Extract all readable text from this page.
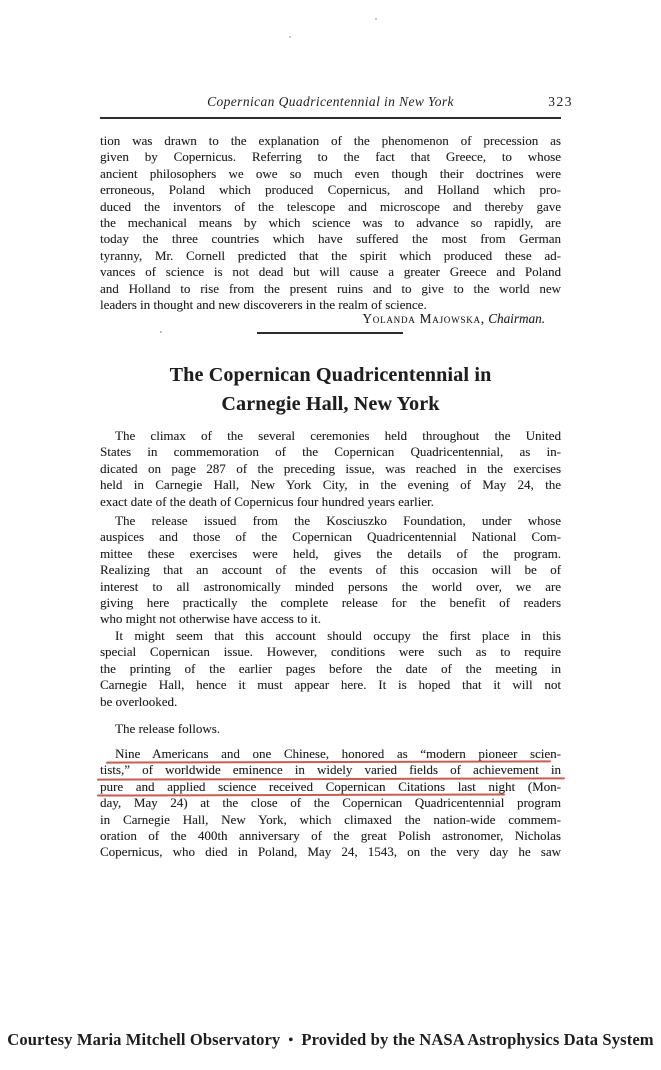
Copernican Quadricentennial in New York	323
tion was drawn to the explanation of the phenomenon of precession as
given by Copernicus. Referring to the fact that Greece, to whose
ancient philosophers we owe so much even though their doctrines were
erroneous, Poland which produced Copernicus, and Holland which pro-
duced the inventors of the telescope and microscope and thereby gave
the mechanical means by which science was to advance so rapidly, are
today the three countries which have suffered the most from German
tyranny, Mr. Cornell predicted that the spirit which produced these ad-
vances of science is not dead but will cause a greater Greece and Poland
and Holland to rise from the present ruins and to give to the world new
leaders in thought and new discoverers in the realm of science.
Yolanda Majowska, Chairman.
The Copernican Quadricentennial in
Carnegie Hall, New York
The climax of the several ceremonies held throughout the United
States in commemoration of the Copernican Quadricentennial, as in-
dicated on page 287 of the preceding issue, was reached in the exercises
held in Carnegie Hall, New York City, in the evening of May 24, the
exact date of the death of Copernicus four hundred years earlier.
The release issued from the Kosciuszko Foundation, under whose
auspices and those of the Copernican Quadricentennial National Com-
mittee these exercises were held, gives the details of the program.
Realizing that an account of the events of this occasion will be of
interest to all astronomically minded persons the world over, we are
giving here practically the complete release for the benefit of readers
who might not otherwise have access to it.
It might seem that this account should occupy the first place in this
special Copernican issue. However, conditions were such as to require
the printing of the earlier pages before the date of the meeting in
Carnegie Hall, hence it must appear here. It is hoped that it will not
be overlooked.
The release follows.
Nine Americans and one Chinese, honored as “modern pioneer scien-
tists,” of worldwide eminence in widely varied fields of achievement in
pure and applied science received Copernican Citations last night (Mon-
day, May 24) at the close of the Copernican Quadricentennial program
in Carnegie Hall, New York, which climaxed the nation-wide commem-
oration of the 400th anniversary of the great Polish astronomer, Nicholas
Copernicus, who died in Poland, May 24, 1543, on the very day he saw
Courtesy Maria Mitchell Observatory • Provided by the NASA Astrophysics Data System
